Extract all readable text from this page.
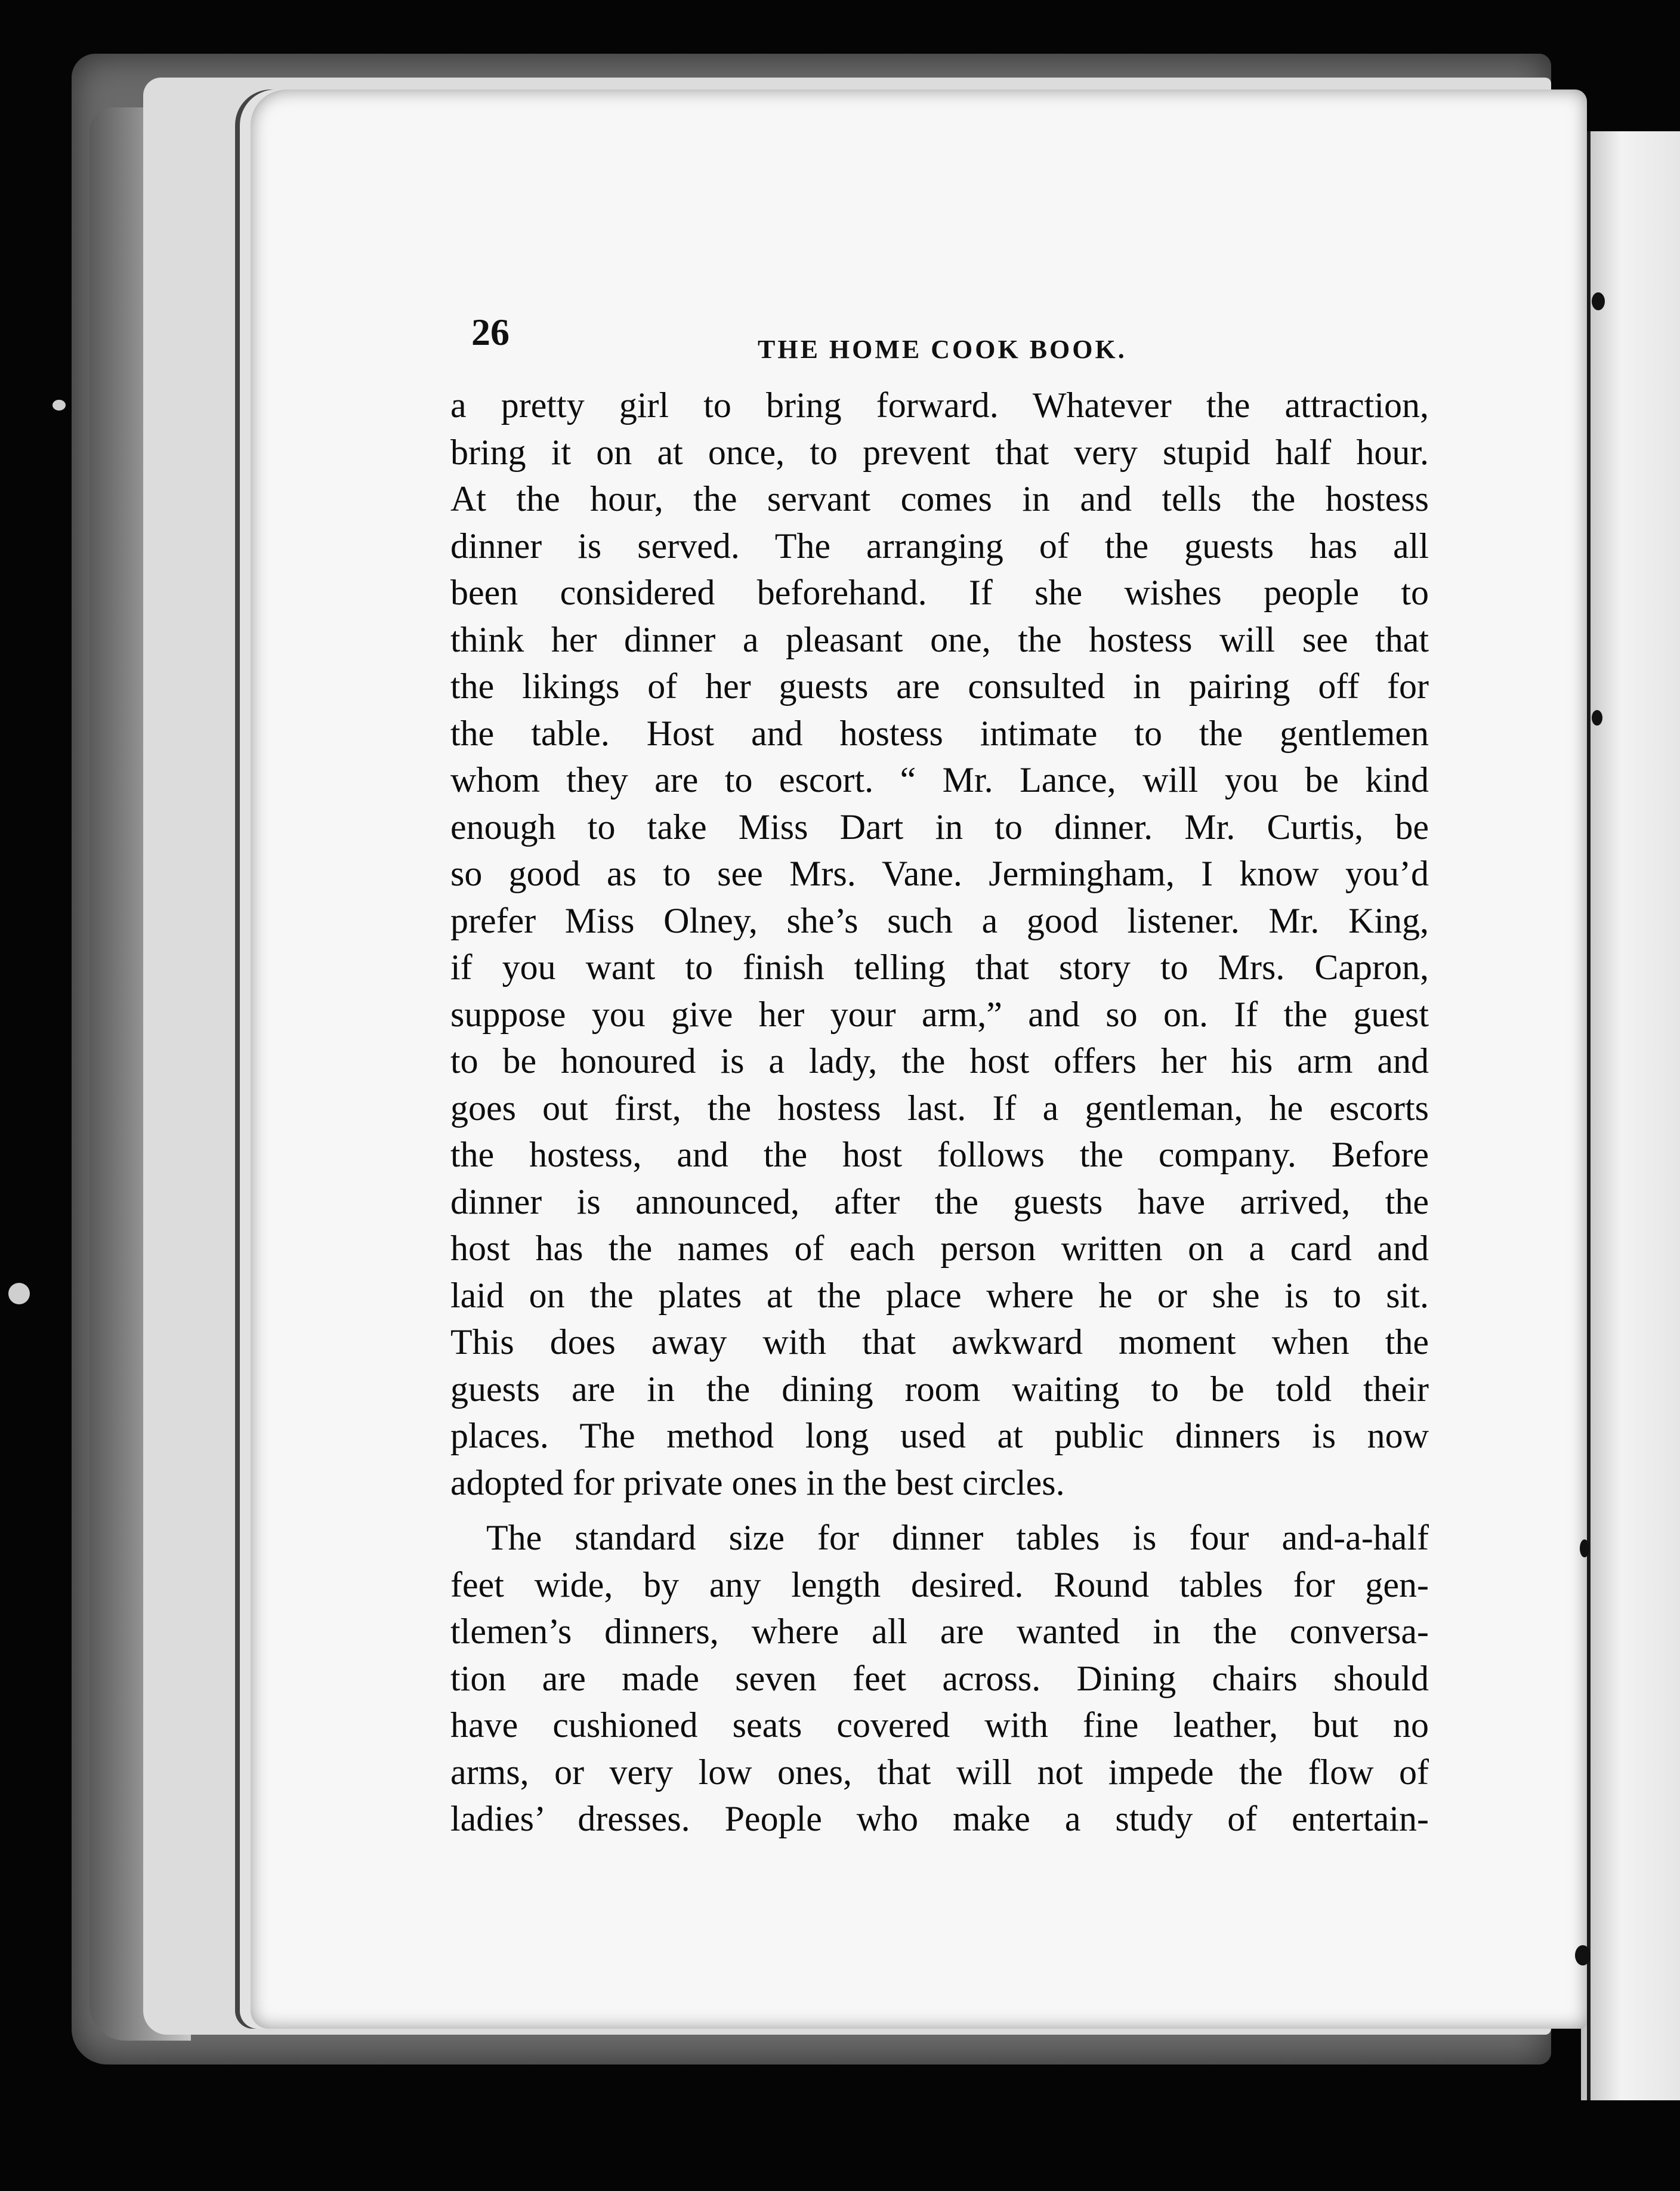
26	THE HOME COOK BOOK.
a pretty girl to bring forward. Whatever the attraction,
bring it on at once, to prevent that very stupid half hour.
At the hour, the servant comes in and tells the hostess
dinner is served. The arranging of the guests has all
been considered beforehand. If she wishes people to
think her dinner a pleasant one, the hostess will see that
the likings of her guests are consulted in pairing off for
the table. Host and hostess intimate to the gentlemen
whom they are to escort. “ Mr. Lance, will you be kind
enough to take Miss Dart in to dinner. Mr. Curtis, be
so good as to see Mrs. Vane. Jermingham, I know you’d
prefer Miss Olney, she’s such a good listener. Mr. King,
if you want to finish telling that story to Mrs. Capron,
suppose you give her your arm,” and so on. If the guest
to be honoured is a lady, the host offers her his arm and
goes out first, the hostess last. If a gentleman, he escorts
the hostess, and the host follows the company. Before
dinner is announced, after the guests have arrived, the
host has the names of each person written on a card and
laid on the plates at the place where he or she is to sit.
This does away with that awkward moment when the
guests are in the dining room waiting to be told their
places. The method long used at public dinners is now
adopted for private ones in the best circles.
The standard size for dinner tables is four and-a-half
feet wide, by any length desired. Round tables for gen-
tlemen’s dinners, where all are wanted in the conversa-
tion are made seven feet across. Dining chairs should
have cushioned seats covered with fine leather, but no
arms, or very low ones, that will not impede the flow of
ladies’ dresses. People who make a study of entertain-
